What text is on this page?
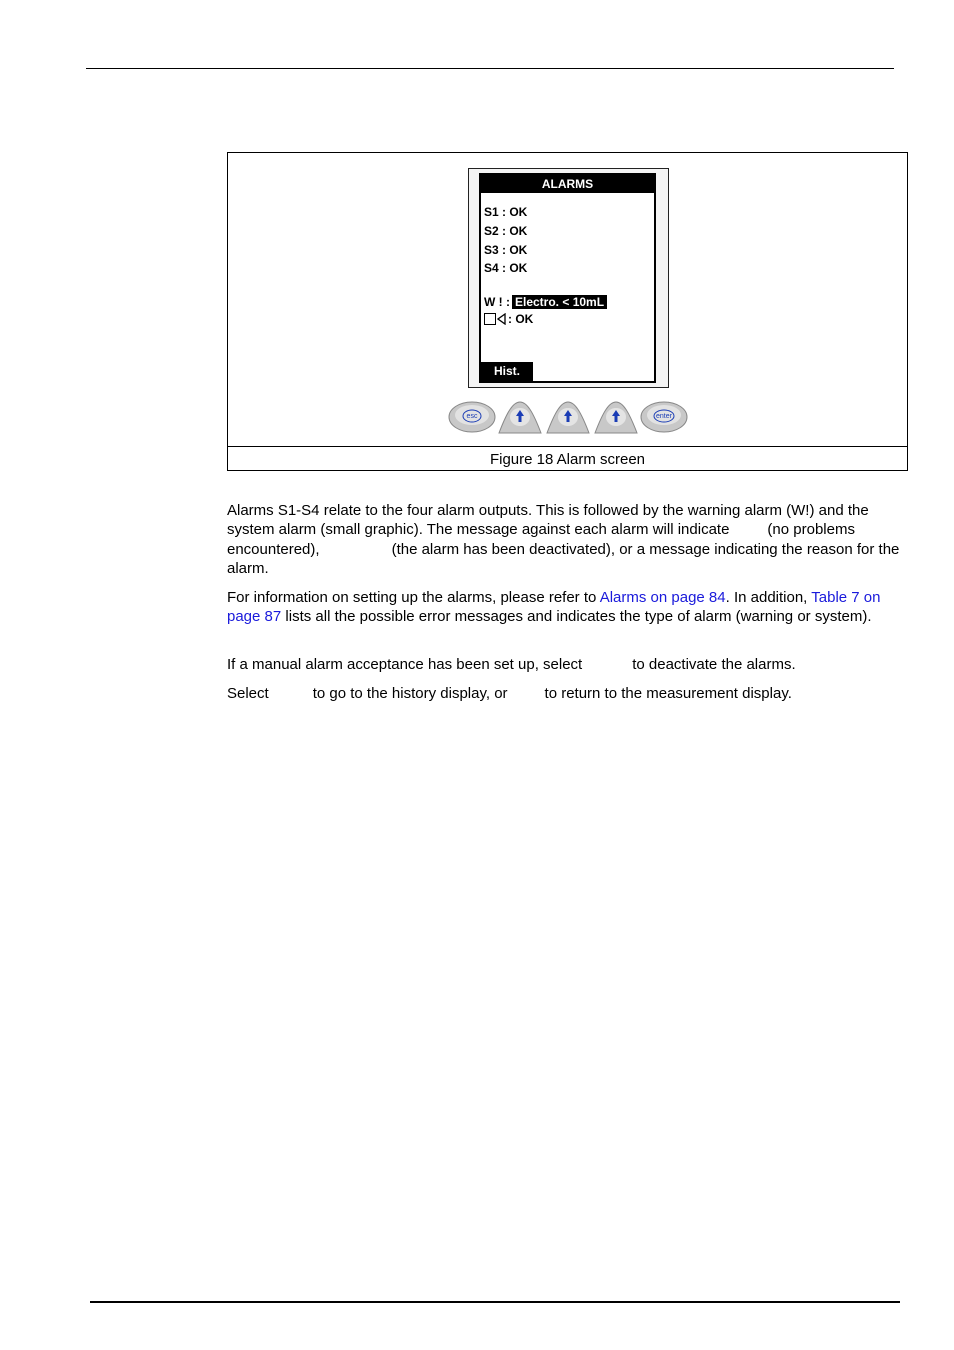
ALARMS
S1 : OK
S2 : OK
S3 : OK
S4 : OK
W ! : Electro. < 10mL
: OK
Hist.
esc	enter
Figure 18 Alarm screen

Alarms S1-S4 relate to the four alarm outputs. This is followed by the warning alarm (W!) and the system alarm (small graphic). The message against each alarm will indicate	(no problems encountered),	(the alarm has been deactivated), or a message indicating the reason for the alarm.

For information on setting up the alarms, please refer to Alarms on page 84. In addition, Table 7 on page 87 lists all the possible error messages and indicates the type of alarm (warning or system).

If a manual alarm acceptance has been set up, select	to deactivate the alarms.

Select	to go to the history display, or to return to the measurement display.
